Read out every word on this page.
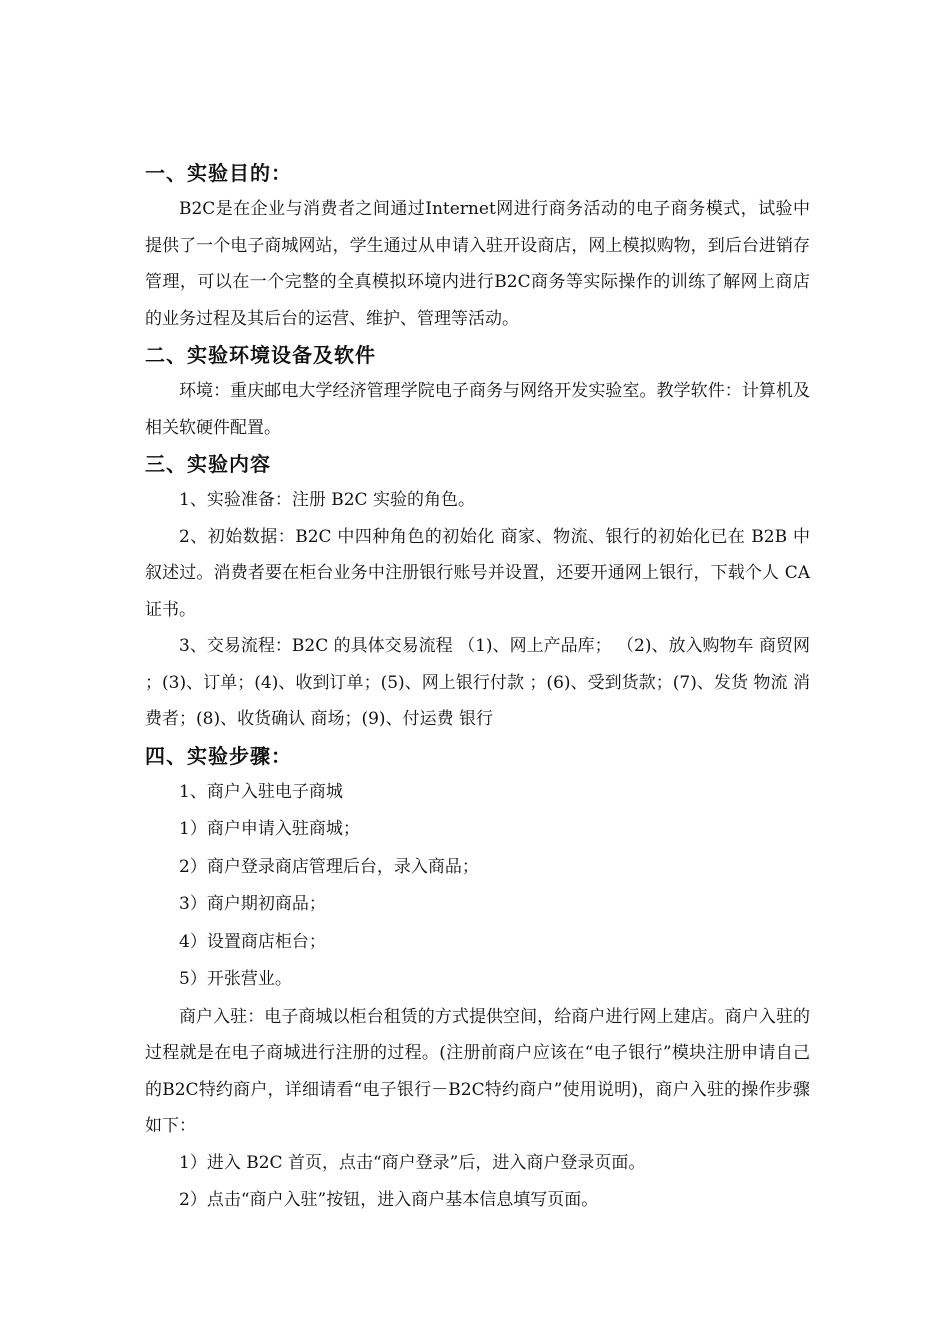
一、实验目的：

B2C是在企业与消费者之间通过Internet网进行商务活动的电子商务模式，试验中提供了一个电子商城网站，学生通过从申请入驻开设商店，网上模拟购物，到后台进销存管理，可以在一个完整的全真模拟环境内进行B2C商务等实际操作的训练了解网上商店的业务过程及其后台的运营、维护、管理等活动。

二、实验环境设备及软件

环境：重庆邮电大学经济管理学院电子商务与网络开发实验室。教学软件：计算机及相关软硬件配置。

三、实验内容

1、实验准备：注册 B2C 实验的角色。

2、初始数据：B2C 中四种角色的初始化 商家、物流、银行的初始化已在 B2B 中叙述过。消费者要在柜台业务中注册银行账号并设置，还要开通网上银行，下载个人 CA 证书。

3、交易流程：B2C 的具体交易流程 （1)、网上产品库； （2)、放入购物车 商贸网 ；(3)、订单；(4)、收到订单；(5)、网上银行付款 ；(6)、受到货款；(7)、发货 物流 消费者；(8)、收货确认 商场；(9)、付运费 银行

四、实验步骤：
1、商户入驻电子商城
1）商户申请入驻商城；
2）商户登录商店管理后台，录入商品；
3）商户期初商品；
4）设置商店柜台；
5）开张营业。

商户入驻：电子商城以柜台租赁的方式提供空间，给商户进行网上建店。商户入驻的过程就是在电子商城进行注册的过程。(注册前商户应该在“电子银行”模块注册申请自己的B2C特约商户，详细请看“电子银行－B2C特约商户”使用说明)，商户入驻的操作步骤如下：

1）进入 B2C 首页，点击“商户登录”后，进入商户登录页面。
2）点击“商户入驻”按钮，进入商户基本信息填写页面。
